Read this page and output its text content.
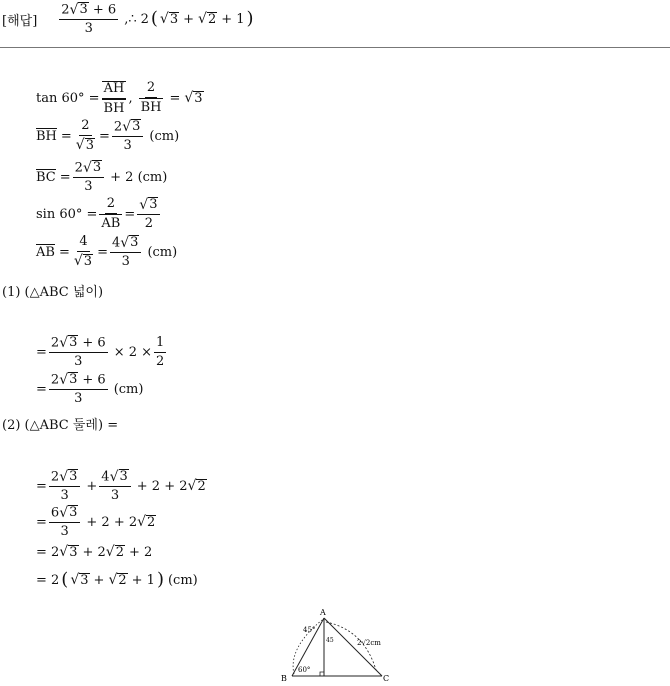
[해답] $\frac{2 √ 3 + 6}{3}$ , ∴ 2 ( √ 3 + √ 2 + 1 )
$\tan 60^\circ = \frac{AH}{BH}$ , $\frac{2}{BH}$ = √ 3
BH = $\frac{2}{√ 3} = \frac{2 √ 3}{3} (cm)$
BC = $\frac{2 √ 3}{3} + 2$ (cm)
$\sin 60^\circ = \frac{2}{AB} = \frac{√ 3}{2}$
AB = $\frac{4}{√ 3} = \frac{4 √ 3}{3} (cm)$
(1) (△ABC 넓이)
= $\frac{2 √ 3 + 6}{3} \times 2 \times \frac{1}{2}$
= $\frac{2 √ 3 + 6}{3} (cm)$
(2) (△ABC 둘레) =
= $\frac{2 √ 3}{3} + \frac{4 √ 3}{3} + 2 + 2$ √ 2
= $\frac{6 √ 3}{3} + 2 + 2$ √ 2
= 2 √ 3 + 2 √ 2 + 2
= 2 ( √ 3 + √ 2 + 1 ) (cm)
A
B	C
45°
60°
2√2cm
45
